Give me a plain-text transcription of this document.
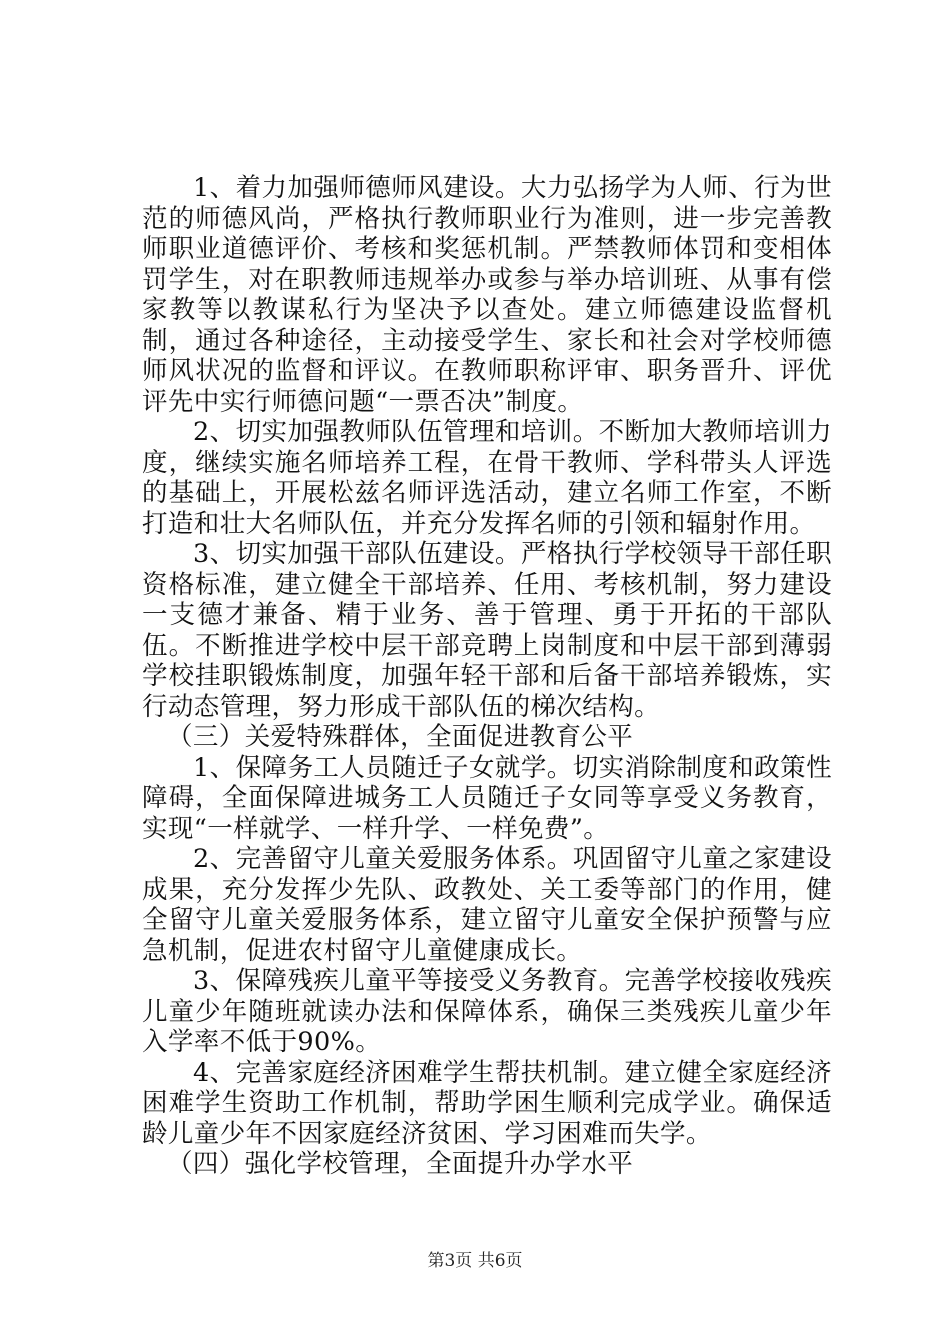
1、着力加强师德师风建设。大力弘扬学为人师、行为世范的师德风尚，严格执行教师职业行为准则，进一步完善教师职业道德评价、考核和奖惩机制。严禁教师体罚和变相体罚学生，对在职教师违规举办或参与举办培训班、从事有偿家教等以教谋私行为坚决予以查处。建立师德建设监督机制，通过各种途径，主动接受学生、家长和社会对学校师德师风状况的监督和评议。在教师职称评审、职务晋升、评优评先中实行师德问题“一票否决”制度。

2、切实加强教师队伍管理和培训。不断加大教师培训力度，继续实施名师培养工程，在骨干教师、学科带头人评选的基础上，开展松兹名师评选活动，建立名师工作室，不断打造和壮大名师队伍，并充分发挥名师的引领和辐射作用。

3、切实加强干部队伍建设。严格执行学校领导干部任职资格标准，建立健全干部培养、任用、考核机制，努力建设一支德才兼备、精于业务、善于管理、勇于开拓的干部队伍。不断推进学校中层干部竞聘上岗制度和中层干部到薄弱学校挂职锻炼制度，加强年轻干部和后备干部培养锻炼，实行动态管理，努力形成干部队伍的梯次结构。

（三）关爱特殊群体，全面促进教育公平

1、保障务工人员随迁子女就学。切实消除制度和政策性障碍，全面保障进城务工人员随迁子女同等享受义务教育，实现“一样就学、一样升学、一样免费”。

2、完善留守儿童关爱服务体系。巩固留守儿童之家建设成果，充分发挥少先队、政教处、关工委等部门的作用，健全留守儿童关爱服务体系，建立留守儿童安全保护预警与应急机制，促进农村留守儿童健康成长。

3、保障残疾儿童平等接受义务教育。完善学校接收残疾儿童少年随班就读办法和保障体系，确保三类残疾儿童少年入学率不低于90%。

4、完善家庭经济困难学生帮扶机制。建立健全家庭经济困难学生资助工作机制，帮助学困生顺利完成学业。确保适龄儿童少年不因家庭经济贫困、学习困难而失学。

（四）强化学校管理，全面提升办学水平

第3页 共6页
